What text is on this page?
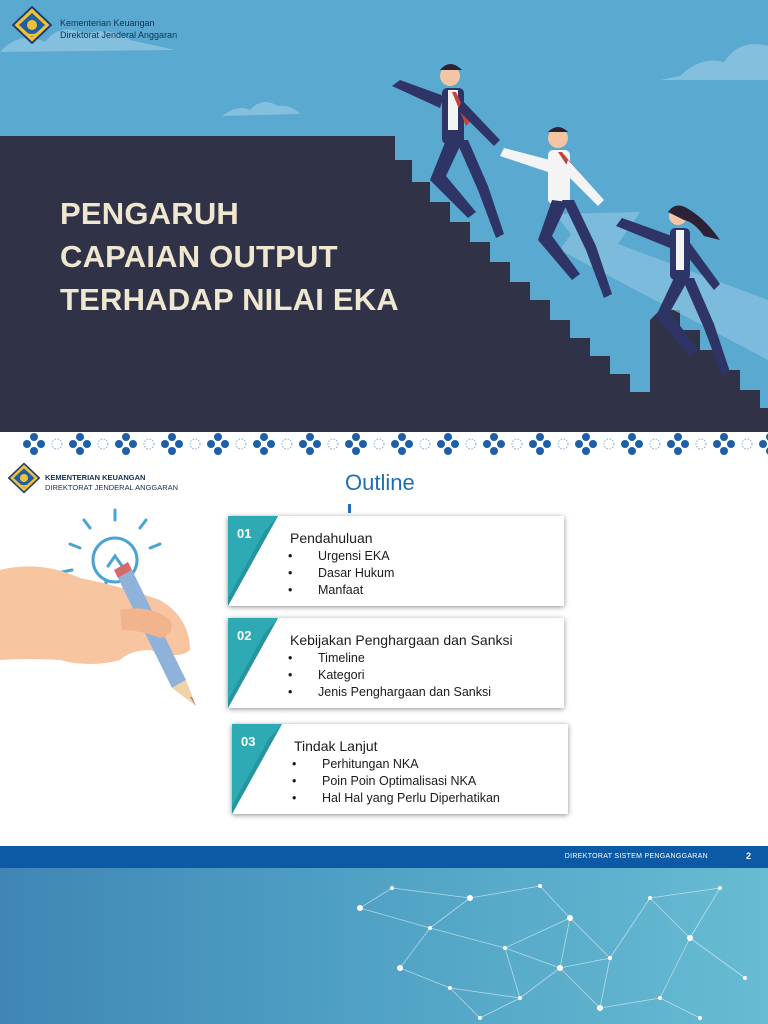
Kementerian Keuangan
Direktorat Jenderal Anggaran
PENGARUH
CAPAIAN OUTPUT
TERHADAP NILAI EKA
KEMENTERIAN KEUANGAN
DIREKTORAT JENDERAL ANGGARAN	Outline
01	Pendahuluan
• Urgensi EKA
• Dasar Hukum
• Manfaat
02	Kebijakan Penghargaan dan Sanksi
• Timeline
• Kategori
• Jenis Penghargaan dan Sanksi
03	Tindak Lanjut
• Perhitungan NKA
• Poin Poin Optimalisasi NKA
• Hal Hal yang Perlu Diperhatikan
DIREKTORAT SISTEM PENGANGGARAN	2
